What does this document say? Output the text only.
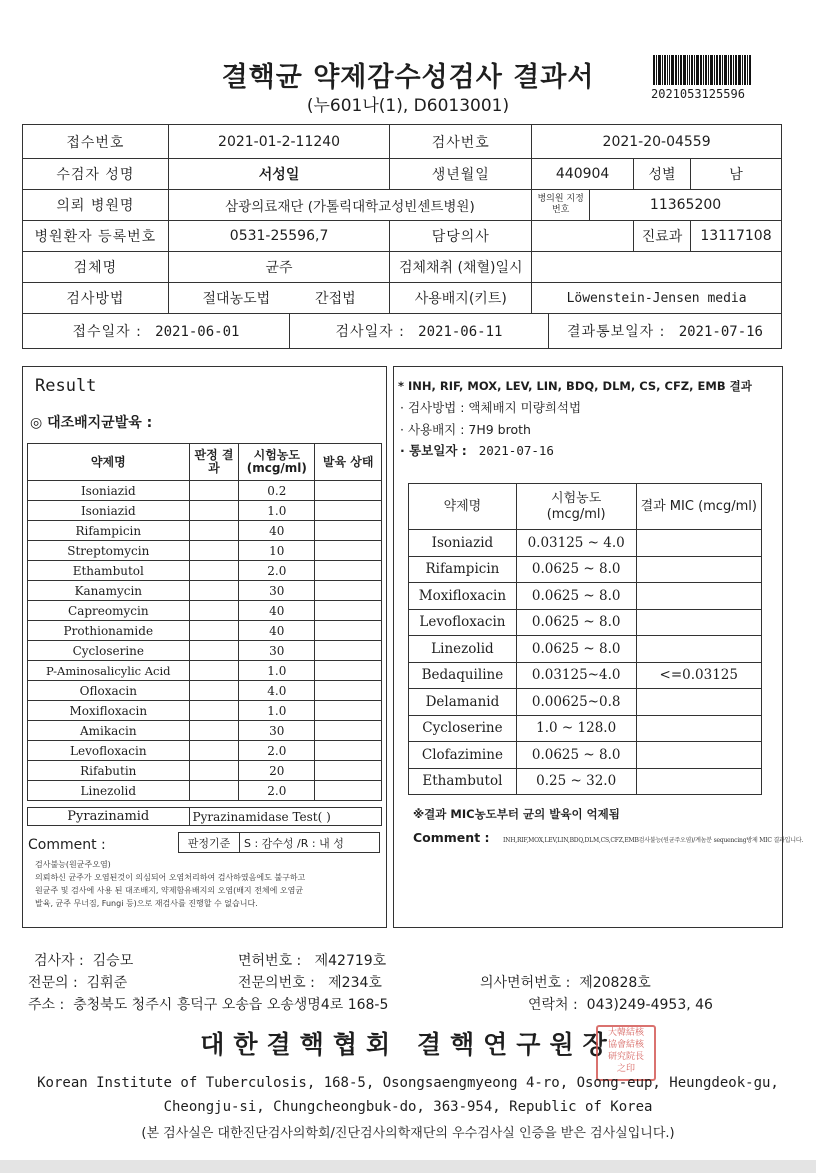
결핵균 약제감수성검사 결과서
(누601나(1), D6013001)
2021053125596
접수번호	2021-01-2-11240	검사번호	2021-20-04559
수검자 성명	서성일	생년월일	440904	성별	남
의뢰 병원명	삼광의료재단 (가톨릭대학교성빈센트병원)	병의원 지정번호	11365200
병원환자 등록번호	0531-25596,7	담당의사		진료과	13117108
검체명	균주	검체채취 (채혈)일시	
검사방법	절대농도법	간접법	사용배지(키트)	Löwenstein-Jensen media

접수일자 : 2021-06-01	검사일자 : 2021-06-11	결과통보일자 : 2021-07-16
Result
◎ 대조배지균발육 :
약제명	판정 결과	시험농도 (mcg/ml)	발육 상태
Isoniazid		0.2	
Isoniazid		1.0	
Rifampicin		40	
Streptomycin		10	
Ethambutol		2.0	
Kanamycin		30	
Capreomycin		40	
Prothionamide		40	
Cycloserine		30	
P-Aminosalicylic Acid		1.0	
Ofloxacin		4.0	
Moxifloxacin		1.0	
Amikacin		30	
Levofloxacin		2.0	
Rifabutin		20	
Linezolid		2.0	
Pyrazinamid	Pyrazinamidase Test( )
Comment :	판정기준	S : 감수성 /R : 내 성
검사불능(원균주오염)
의뢰하신 균주가 오염된것이 의심되어 오염처리하여 검사하였음에도 불구하고
원균주 및 검사에 사용 된 대조배지, 약제함유배지의 오염(배지 전체에 오염균
발육, 균주 무너짐, Fungi 등)으로 재검사를 진행할 수 없습니다.
* INH, RIF, MOX, LEV, LIN, BDQ, DLM, CS, CFZ, EMB 결과
· 검사방법 : 액체배지 미량희석법
· 사용배지 : 7H9 broth
· 통보일자 : 2021-07-16
약제명	시험농도 (mcg/ml)	결과 MIC (mcg/ml)
Isoniazid	0.03125 ~ 4.0	
Rifampicin	0.0625 ~ 8.0	
Moxifloxacin	0.0625 ~ 8.0	
Levofloxacin	0.0625 ~ 8.0	
Linezolid	0.0625 ~ 8.0	
Bedaquiline	0.03125~4.0	<=0.03125
Delamanid	0.00625~0.8	
Cycloserine	1.0 ~ 128.0	
Clofazimine	0.0625 ~ 8.0	
Ethambutol	0.25 ~ 32.0	
※결과 MIC농도부터 균의 발육이 억제됨
Comment : INH,RIF,MOX,LEV,LIN,BDQ,DLM,CS,CFZ,EMB검사불능(원균주오염)/계놈분 sequencing방제 MIC 결과입니다.
검사자 : 김승모	면허번호 : 제42719호
전문의 : 김휘준	전문의번호 : 제234호	의사면허번호 : 제20828호
주소 : 충청북도 청주시 흥덕구 오송읍 오송생명4로 168-5	연락처 : 043)249-4953, 46
대한결핵협회 결핵연구원장
大韓結核
協會結核
研究院長
之印
Korean Institute of Tuberculosis, 168-5, Osongsaengmyeong 4-ro, Osong-eup, Heungdeok-gu,
Cheongju-si, Chungcheongbuk-do, 363-954, Republic of Korea
(본 검사실은 대한진단검사의학회/진단검사의학재단의 우수검사실 인증을 받은 검사실입니다.)
